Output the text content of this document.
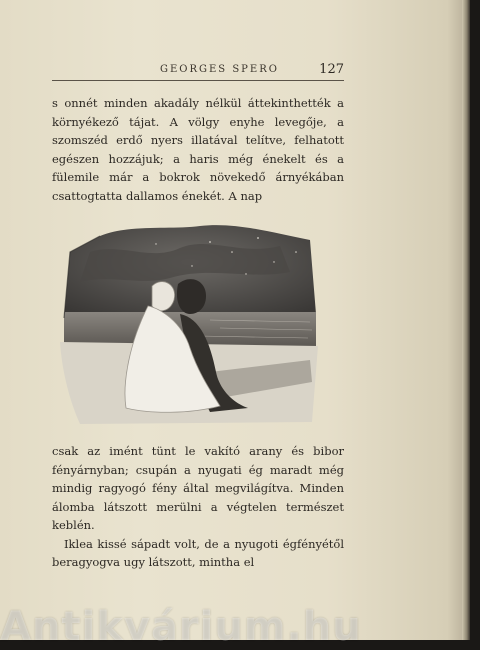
GEORGES SPERO	127

s onnét minden akadály nélkül áttekinthették a környékező tájat. A völgy enyhe levegője, a szomszéd erdő nyers illatával telítve, felhatott egészen hozzájuk; a haris még énekelt és a fülemile már a bokrok növekedő árnyékában csattogtatta dallamos énekét. A nap

csak az imént tünt le vakító arany és bibor fényárnyban; csupán a nyugati ég maradt még mindig ragyogó fény által megvilágítva. Minden álomba látszott merülni a végtelen természet keblén.

Iklea kissé sápadt volt, de a nyugoti égfényétől beragyogva ugy látszott, mintha el

Antikvárium.hu
